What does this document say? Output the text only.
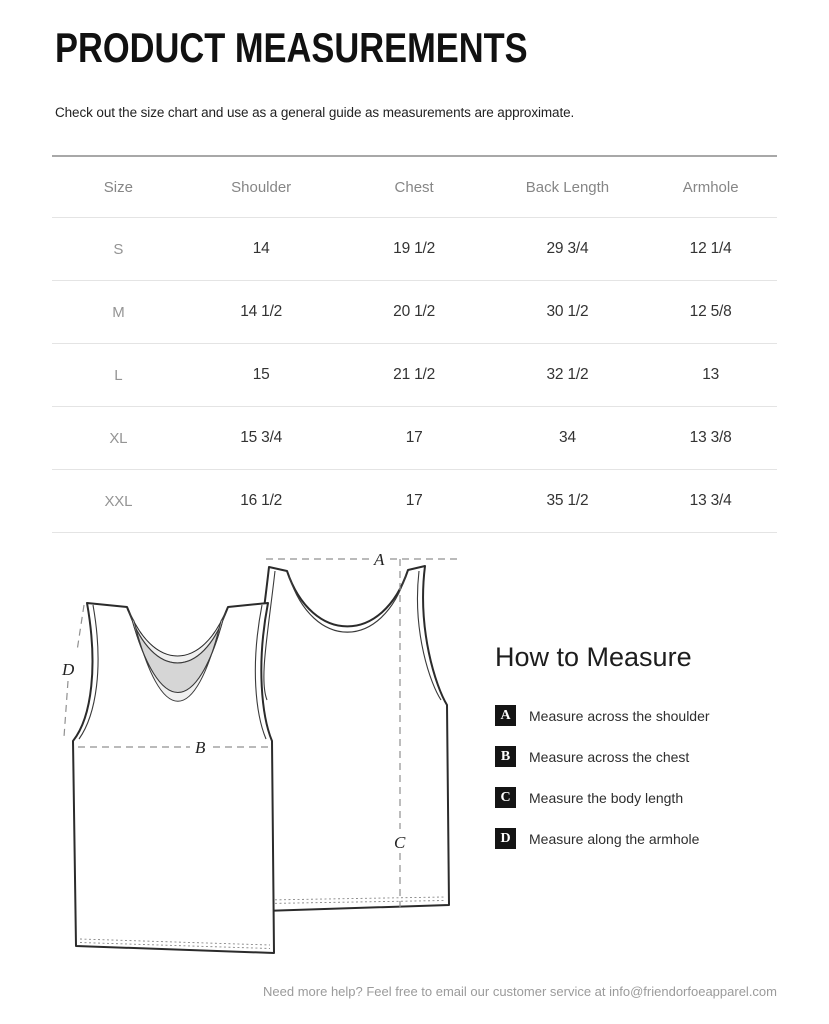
PRODUCT MEASUREMENTS
Check out the size chart and use as a general guide as measurements are approximate.
Size	Shoulder	Chest	Back Length	Armhole
S	14	19 1/2	29 3/4	12 1/4
M	14 1/2	20 1/2	30 1/2	12 5/8
L	15	21 1/2	32 1/2	13
XL	15 3/4	17	34	13 3/8
XXL	16 1/2	17	35 1/2	13 3/4
A
B
C
D	How to Measure
A	Measure across the shoulder
B	Measure across the chest
C	Measure the body length
D	Measure along the armhole
Need more help? Feel free to email our customer service at info@friendorfoeapparel.com
